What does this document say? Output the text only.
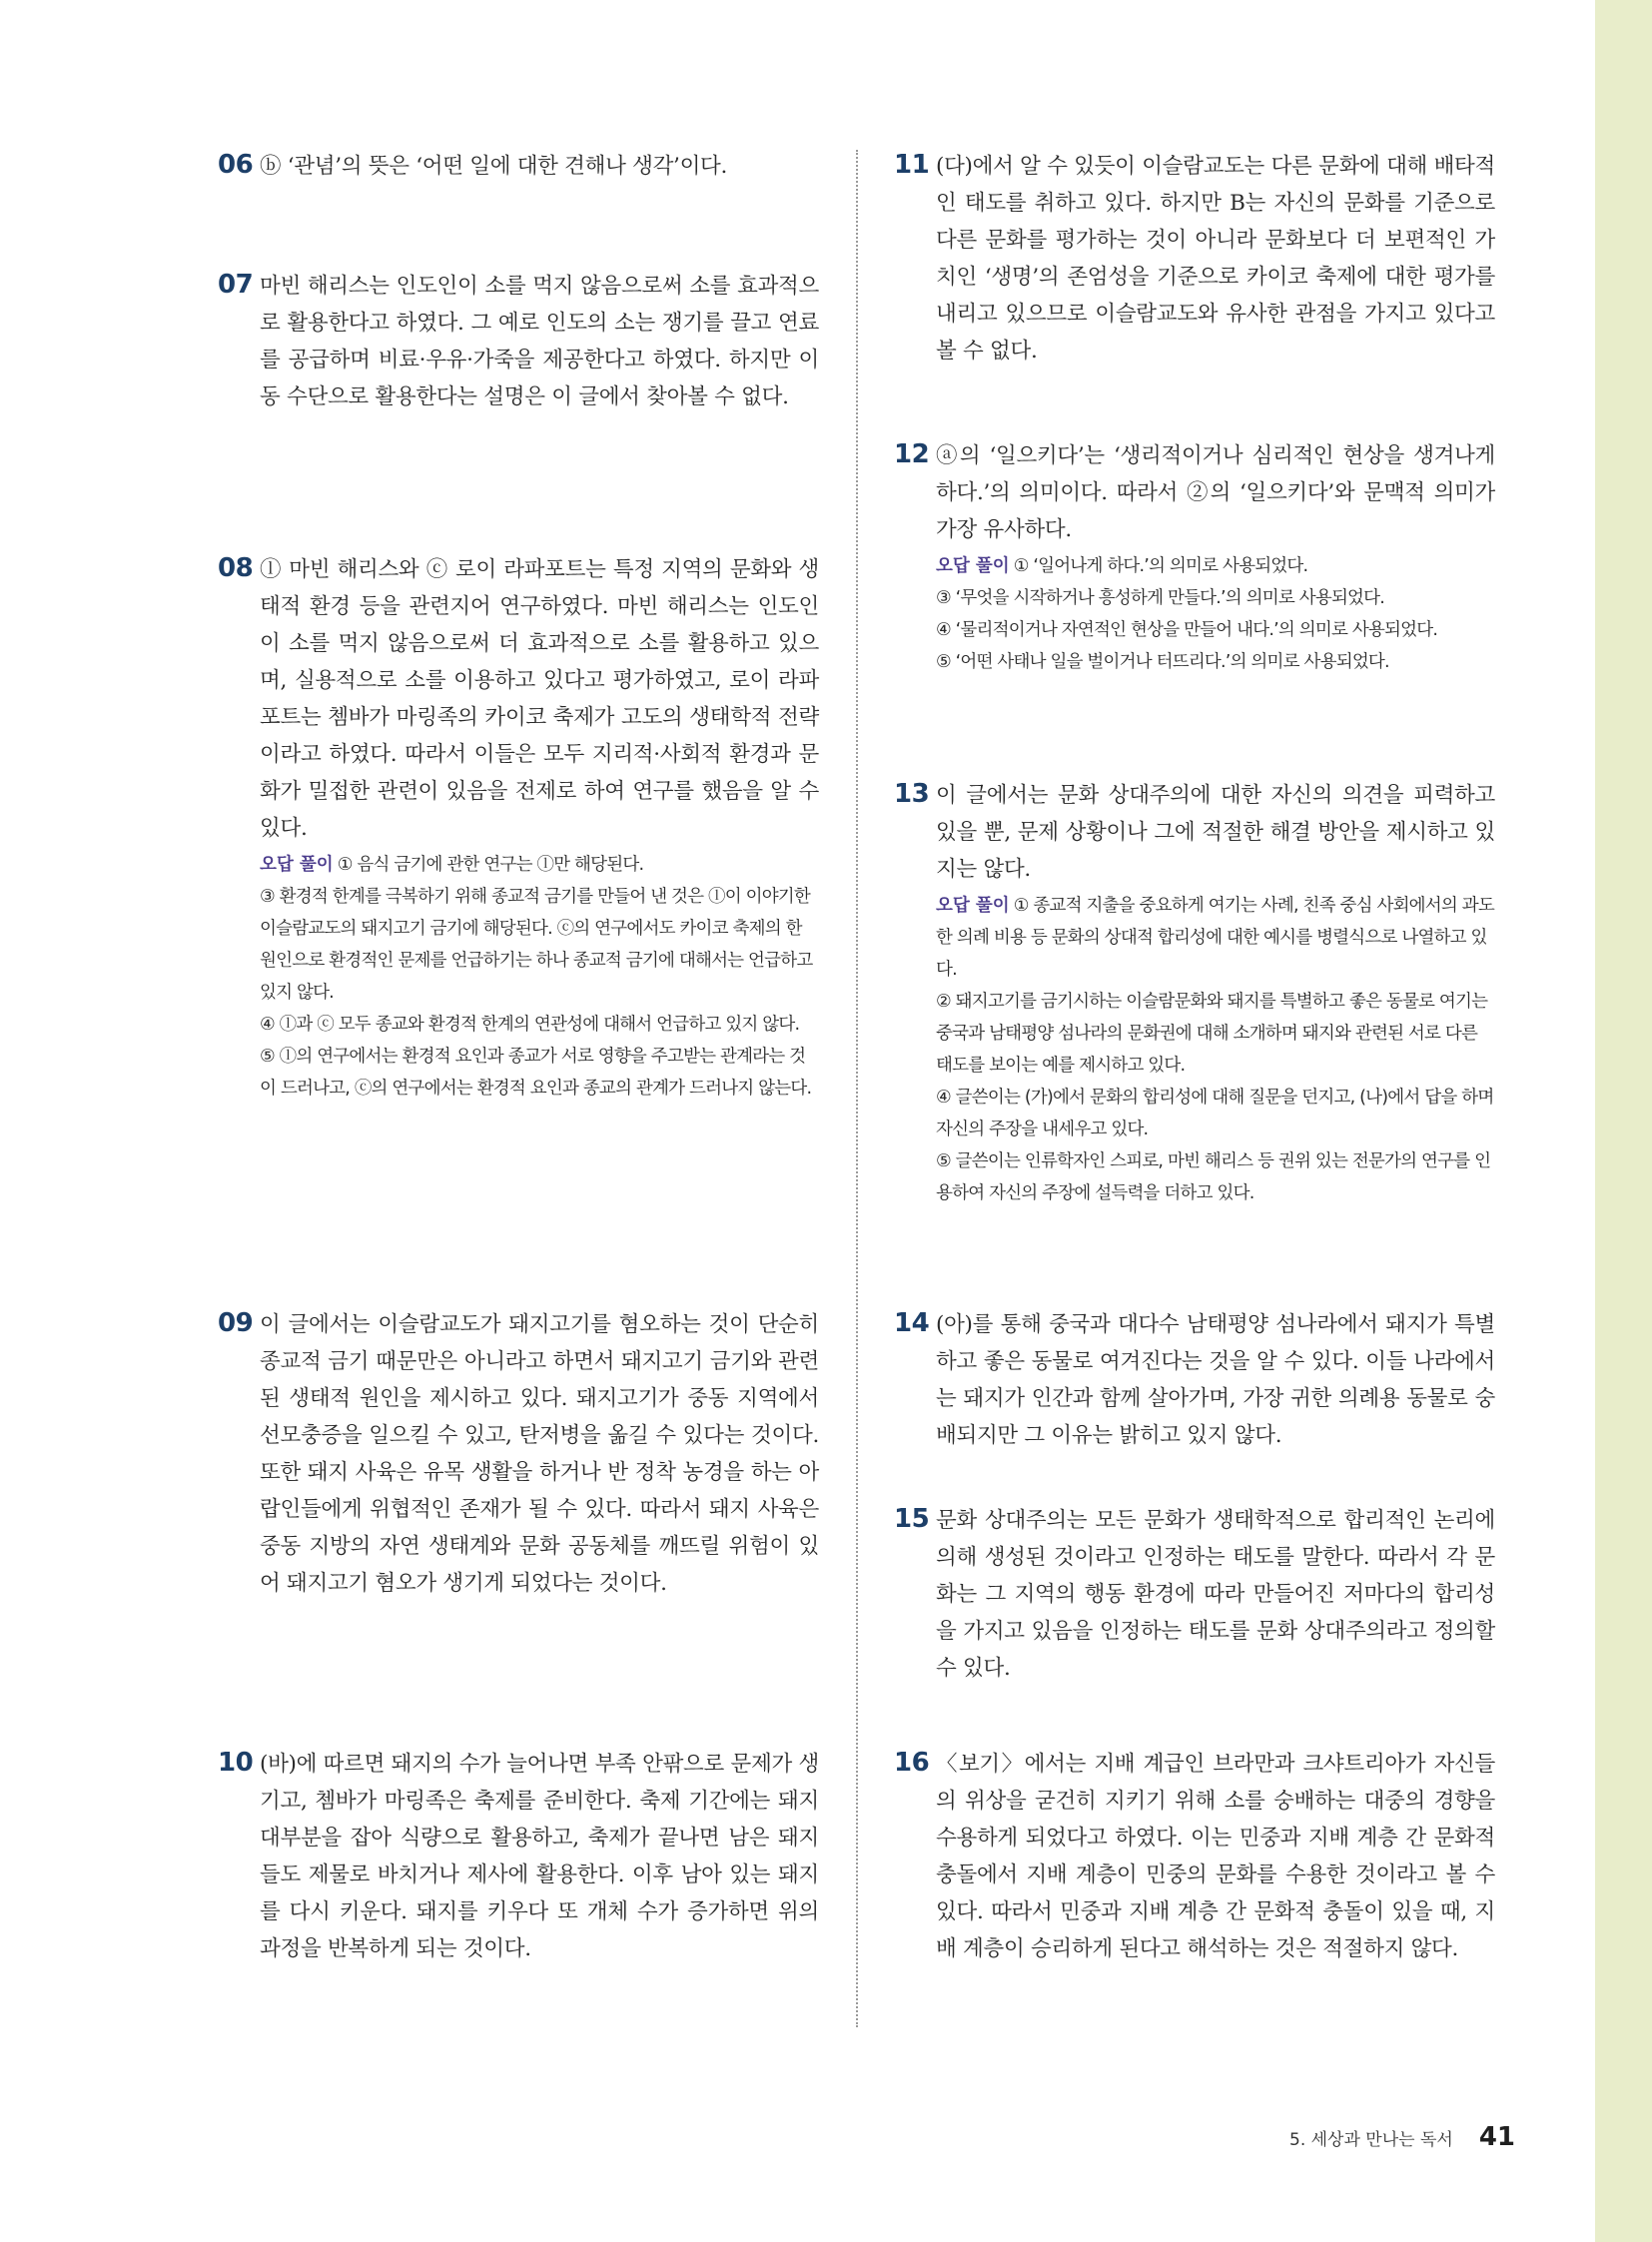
06 ⓑ ‘관념’의 뜻은 ‘어떤 일에 대한 견해나 생각’이다.

07 마빈 해리스는 인도인이 소를 먹지 않음으로써 소를 효과적으로 활용한다고 하였다. 그 예로 인도의 소는 쟁기를 끌고 연료를 공급하며 비료·우유·가죽을 제공한다고 하였다. 하지만 이동 수단으로 활용한다는 설명은 이 글에서 찾아볼 수 없다.

08 ⓛ 마빈 해리스와 ⓒ 로이 라파포트는 특정 지역의 문화와 생태적 환경 등을 관련지어 연구하였다. 마빈 해리스는 인도인이 소를 먹지 않음으로써 더 효과적으로 소를 활용하고 있으며, 실용적으로 소를 이용하고 있다고 평가하였고, 로이 라파포트는 쳄바가 마링족의 카이코 축제가 고도의 생태학적 전략이라고 하였다. 따라서 이들은 모두 지리적·사회적 환경과 문화가 밀접한 관련이 있음을 전제로 하여 연구를 했음을 알 수 있다.

오답 풀이 ① 음식 금기에 관한 연구는 ⓛ만 해당된다.

③ 환경적 한계를 극복하기 위해 종교적 금기를 만들어 낸 것은 ⓛ이 이야기한 이슬람교도의 돼지고기 금기에 해당된다. ⓒ의 연구에서도 카이코 축제의 한 원인으로 환경적인 문제를 언급하기는 하나 종교적 금기에 대해서는 언급하고 있지 않다.

④ ⓛ과 ⓒ 모두 종교와 환경적 한계의 연관성에 대해서 언급하고 있지 않다.

⑤ ⓛ의 연구에서는 환경적 요인과 종교가 서로 영향을 주고받는 관계라는 것이 드러나고, ⓒ의 연구에서는 환경적 요인과 종교의 관계가 드러나지 않는다.

09 이 글에서는 이슬람교도가 돼지고기를 혐오하는 것이 단순히 종교적 금기 때문만은 아니라고 하면서 돼지고기 금기와 관련된 생태적 원인을 제시하고 있다. 돼지고기가 중동 지역에서 선모충증을 일으킬 수 있고, 탄저병을 옮길 수 있다는 것이다. 또한 돼지 사육은 유목 생활을 하거나 반 정착 농경을 하는 아랍인들에게 위협적인 존재가 될 수 있다. 따라서 돼지 사육은 중동 지방의 자연 생태계와 문화 공동체를 깨뜨릴 위험이 있어 돼지고기 혐오가 생기게 되었다는 것이다.

10 (바)에 따르면 돼지의 수가 늘어나면 부족 안팎으로 문제가 생기고, 쳄바가 마링족은 축제를 준비한다. 축제 기간에는 돼지 대부분을 잡아 식량으로 활용하고, 축제가 끝나면 남은 돼지들도 제물로 바치거나 제사에 활용한다. 이후 남아 있는 돼지를 다시 키운다. 돼지를 키우다 또 개체 수가 증가하면 위의 과정을 반복하게 되는 것이다.

11 (다)에서 알 수 있듯이 이슬람교도는 다른 문화에 대해 배타적인 태도를 취하고 있다. 하지만 B는 자신의 문화를 기준으로 다른 문화를 평가하는 것이 아니라 문화보다 더 보편적인 가치인 ‘생명’의 존엄성을 기준으로 카이코 축제에 대한 평가를 내리고 있으므로 이슬람교도와 유사한 관점을 가지고 있다고 볼 수 없다.

12 ⓐ의 ‘일으키다’는 ‘생리적이거나 심리적인 현상을 생겨나게 하다.’의 의미이다. 따라서 ②의 ‘일으키다’와 문맥적 의미가 가장 유사하다.

오답 풀이 ① ‘일어나게 하다.’의 의미로 사용되었다.

③ ‘무엇을 시작하거나 흥성하게 만들다.’의 의미로 사용되었다.

④ ‘물리적이거나 자연적인 현상을 만들어 내다.’의 의미로 사용되었다.

⑤ ‘어떤 사태나 일을 벌이거나 터뜨리다.’의 의미로 사용되었다.

13 이 글에서는 문화 상대주의에 대한 자신의 의견을 피력하고 있을 뿐, 문제 상황이나 그에 적절한 해결 방안을 제시하고 있지는 않다.

오답 풀이 ① 종교적 지출을 중요하게 여기는 사례, 친족 중심 사회에서의 과도한 의례 비용 등 문화의 상대적 합리성에 대한 예시를 병렬식으로 나열하고 있다.

② 돼지고기를 금기시하는 이슬람문화와 돼지를 특별하고 좋은 동물로 여기는 중국과 남태평양 섬나라의 문화권에 대해 소개하며 돼지와 관련된 서로 다른 태도를 보이는 예를 제시하고 있다.

④ 글쓴이는 (가)에서 문화의 합리성에 대해 질문을 던지고, (나)에서 답을 하며 자신의 주장을 내세우고 있다.

⑤ 글쓴이는 인류학자인 스피로, 마빈 해리스 등 권위 있는 전문가의 연구를 인용하여 자신의 주장에 설득력을 더하고 있다.

14 (아)를 통해 중국과 대다수 남태평양 섬나라에서 돼지가 특별하고 좋은 동물로 여겨진다는 것을 알 수 있다. 이들 나라에서는 돼지가 인간과 함께 살아가며, 가장 귀한 의례용 동물로 숭배되지만 그 이유는 밝히고 있지 않다.

15 문화 상대주의는 모든 문화가 생태학적으로 합리적인 논리에 의해 생성된 것이라고 인정하는 태도를 말한다. 따라서 각 문화는 그 지역의 행동 환경에 따라 만들어진 저마다의 합리성을 가지고 있음을 인정하는 태도를 문화 상대주의라고 정의할 수 있다.

16 〈보기〉에서는 지배 계급인 브라만과 크샤트리아가 자신들의 위상을 굳건히 지키기 위해 소를 숭배하는 대중의 경향을 수용하게 되었다고 하였다. 이는 민중과 지배 계층 간 문화적 충돌에서 지배 계층이 민중의 문화를 수용한 것이라고 볼 수 있다. 따라서 민중과 지배 계층 간 문화적 충돌이 있을 때, 지배 계층이 승리하게 된다고 해석하는 것은 적절하지 않다.

5. 세상과 만나는 독서 41
